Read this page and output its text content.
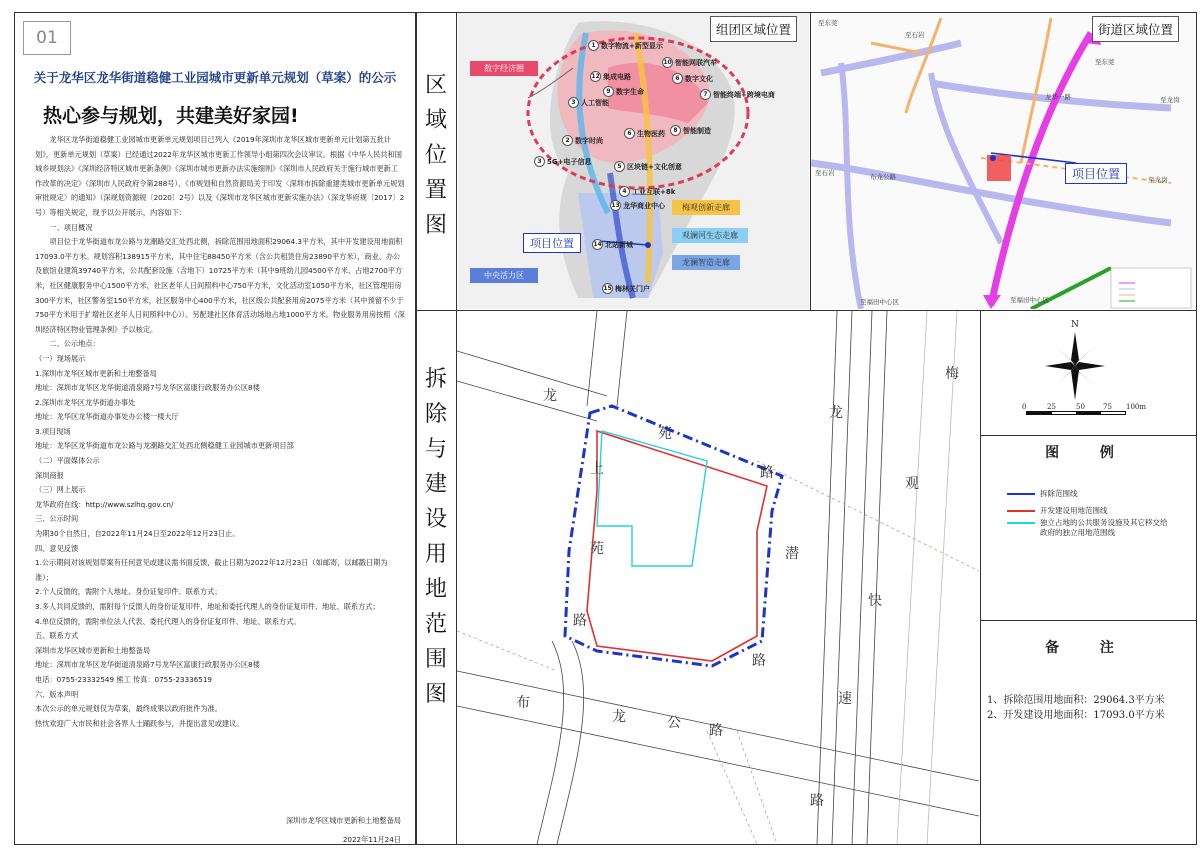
01
关于龙华区龙华街道稳健工业园城市更新单元规划（草案）的公示
热心参与规划，共建美好家园!

龙华区龙华街道稳健工业园城市更新单元规划项目已列入《2019年深圳市龙华区城市更新单元计划第五批计划》，更新单元规划（草案）已经通过2022年龙华区城市更新工作领导小组第四次会议审议。根据《中华人民共和国城乡规划法》《深圳经济特区城市更新条例》《深圳市城市更新办法实施细则》《深圳市人民政府关于施行城市更新工作改革的决定》（深圳市人民政府令第288号）、《市规划和自然资源局关于印发〈深圳市拆除重建类城市更新单元规划审批规定〉的通知》（深规划资源规〔2020〕2号）以及《深圳市龙华区城市更新实施办法》（深龙华府规〔2017〕2号）等相关规定，现予以公开展示，内容如下：

一、项目概况

项目位于龙华街道布龙公路与龙潮路交汇处西北侧，拆除范围用地面积29064.3平方米，其中开发建设用地面积17093.0平方米。规划容积138915平方米，其中住宅88450平方米（含公共租赁住房23890平方米），商业、办公及旅馆业建筑39740平方米，公共配套设施（含地下）10725平方米（其中9班幼儿园4500平方米、占地2700平方米，社区健康服务中心1500平方米，社区老年人日间照料中心750平方米，文化活动室1050平方米，社区管理用房300平方米，社区警务室150平方米，社区服务中心400平方米，社区级公共配套用房2075平方米（其中预留不少于750平方米用于扩增社区老年人日间照料中心））。另配建社区体育活动场地占地1000平方米。物业服务用房按照《深圳经济特区物业管理条例》予以核定。

二、公示地点：

（一）现场展示

1.深圳市龙华区城市更新和土地整备局

地址：深圳市龙华区龙华街道清泉路7号龙华区富康行政服务办公区8楼

2.深圳市龙华区龙华街道办事处

地址：龙华区龙华街道办事处办公楼一楼大厅

3.项目现场

地址：龙华区龙华街道布龙公路与龙潮路交汇处西北侧稳健工业园城市更新项目部

（二）平面媒体公示

深圳商报

（三）网上展示

龙华政府在线：http://www.szlhq.gov.cn/

三、公示时间

为期30个自然日，自2022年11月24日至2022年12月23日止。

四、意见反馈

1.公示期间对该规划草案有任何意见或建议需书面反馈，截止日期为2022年12月23日（如邮寄，以邮戳日期为准）；

2.个人反馈的，需附个人地址、身份证复印件、联系方式；

3.多人共同反馈的，需附每个反馈人的身份证复印件、地址和委托代理人的身份证复印件、地址、联系方式；

4.单位反馈的，需附单位法人代表、委托代理人的身份证复印件、地址、联系方式。

五、联系方式

深圳市龙华区城市更新和土地整备局

地址：深圳市龙华区龙华街道清泉路7号龙华区富康行政服务办公区8楼

电话：0755-23332549 熊工 传真：0755-23336519

六、版本声明

本次公示的单元规划仅为草案，最终成果以政府批件为准。

热忱欢迎广大市民和社会各界人士踊跃参与，并提出意见或建议。

深圳市龙华区城市更新和土地整备局
2022年11月24日
区
域
位
置
图
拆
除
与
建
设
用
地
范
围
图
组团区域位置
数字经济圈
中央活力区
梅观创新走廊
观澜河生态走廊
龙澜智造走廊
项目位置
街道区域位置
项目位置
至东莞
至石岩
至东莞
至龙岗
龙华一路
至龙岗
布龙公路
至石岩
至福田中心区
至福田中心区
N
图 例
备 注
1、拆除范围用地面积：29064.3平方米
2、开发建设用地面积：17093.0平方米
1 数字物流+新型显示
10 智能网联汽车
12 集成电路	6 数字文化
3 人工智能
9 数字生命	7 智能终端+跨境电商
2 数字时尚
6 生物医药	8 智能制造
3 5G+电子信息
5 区块链+文化创意
4 工业互联+8k
13 龙华商业中心
14 北站新城
15 梅林关门户
龙
苑
路
上
苑
路
龙
潜
路
梅
观
快
速
路
布
龙	公 路
0	25	50	75 100m
拆除范围线
开发建设用地范围线
独立占地的公共服务设施及其它移交给政府的独立用地范围线
